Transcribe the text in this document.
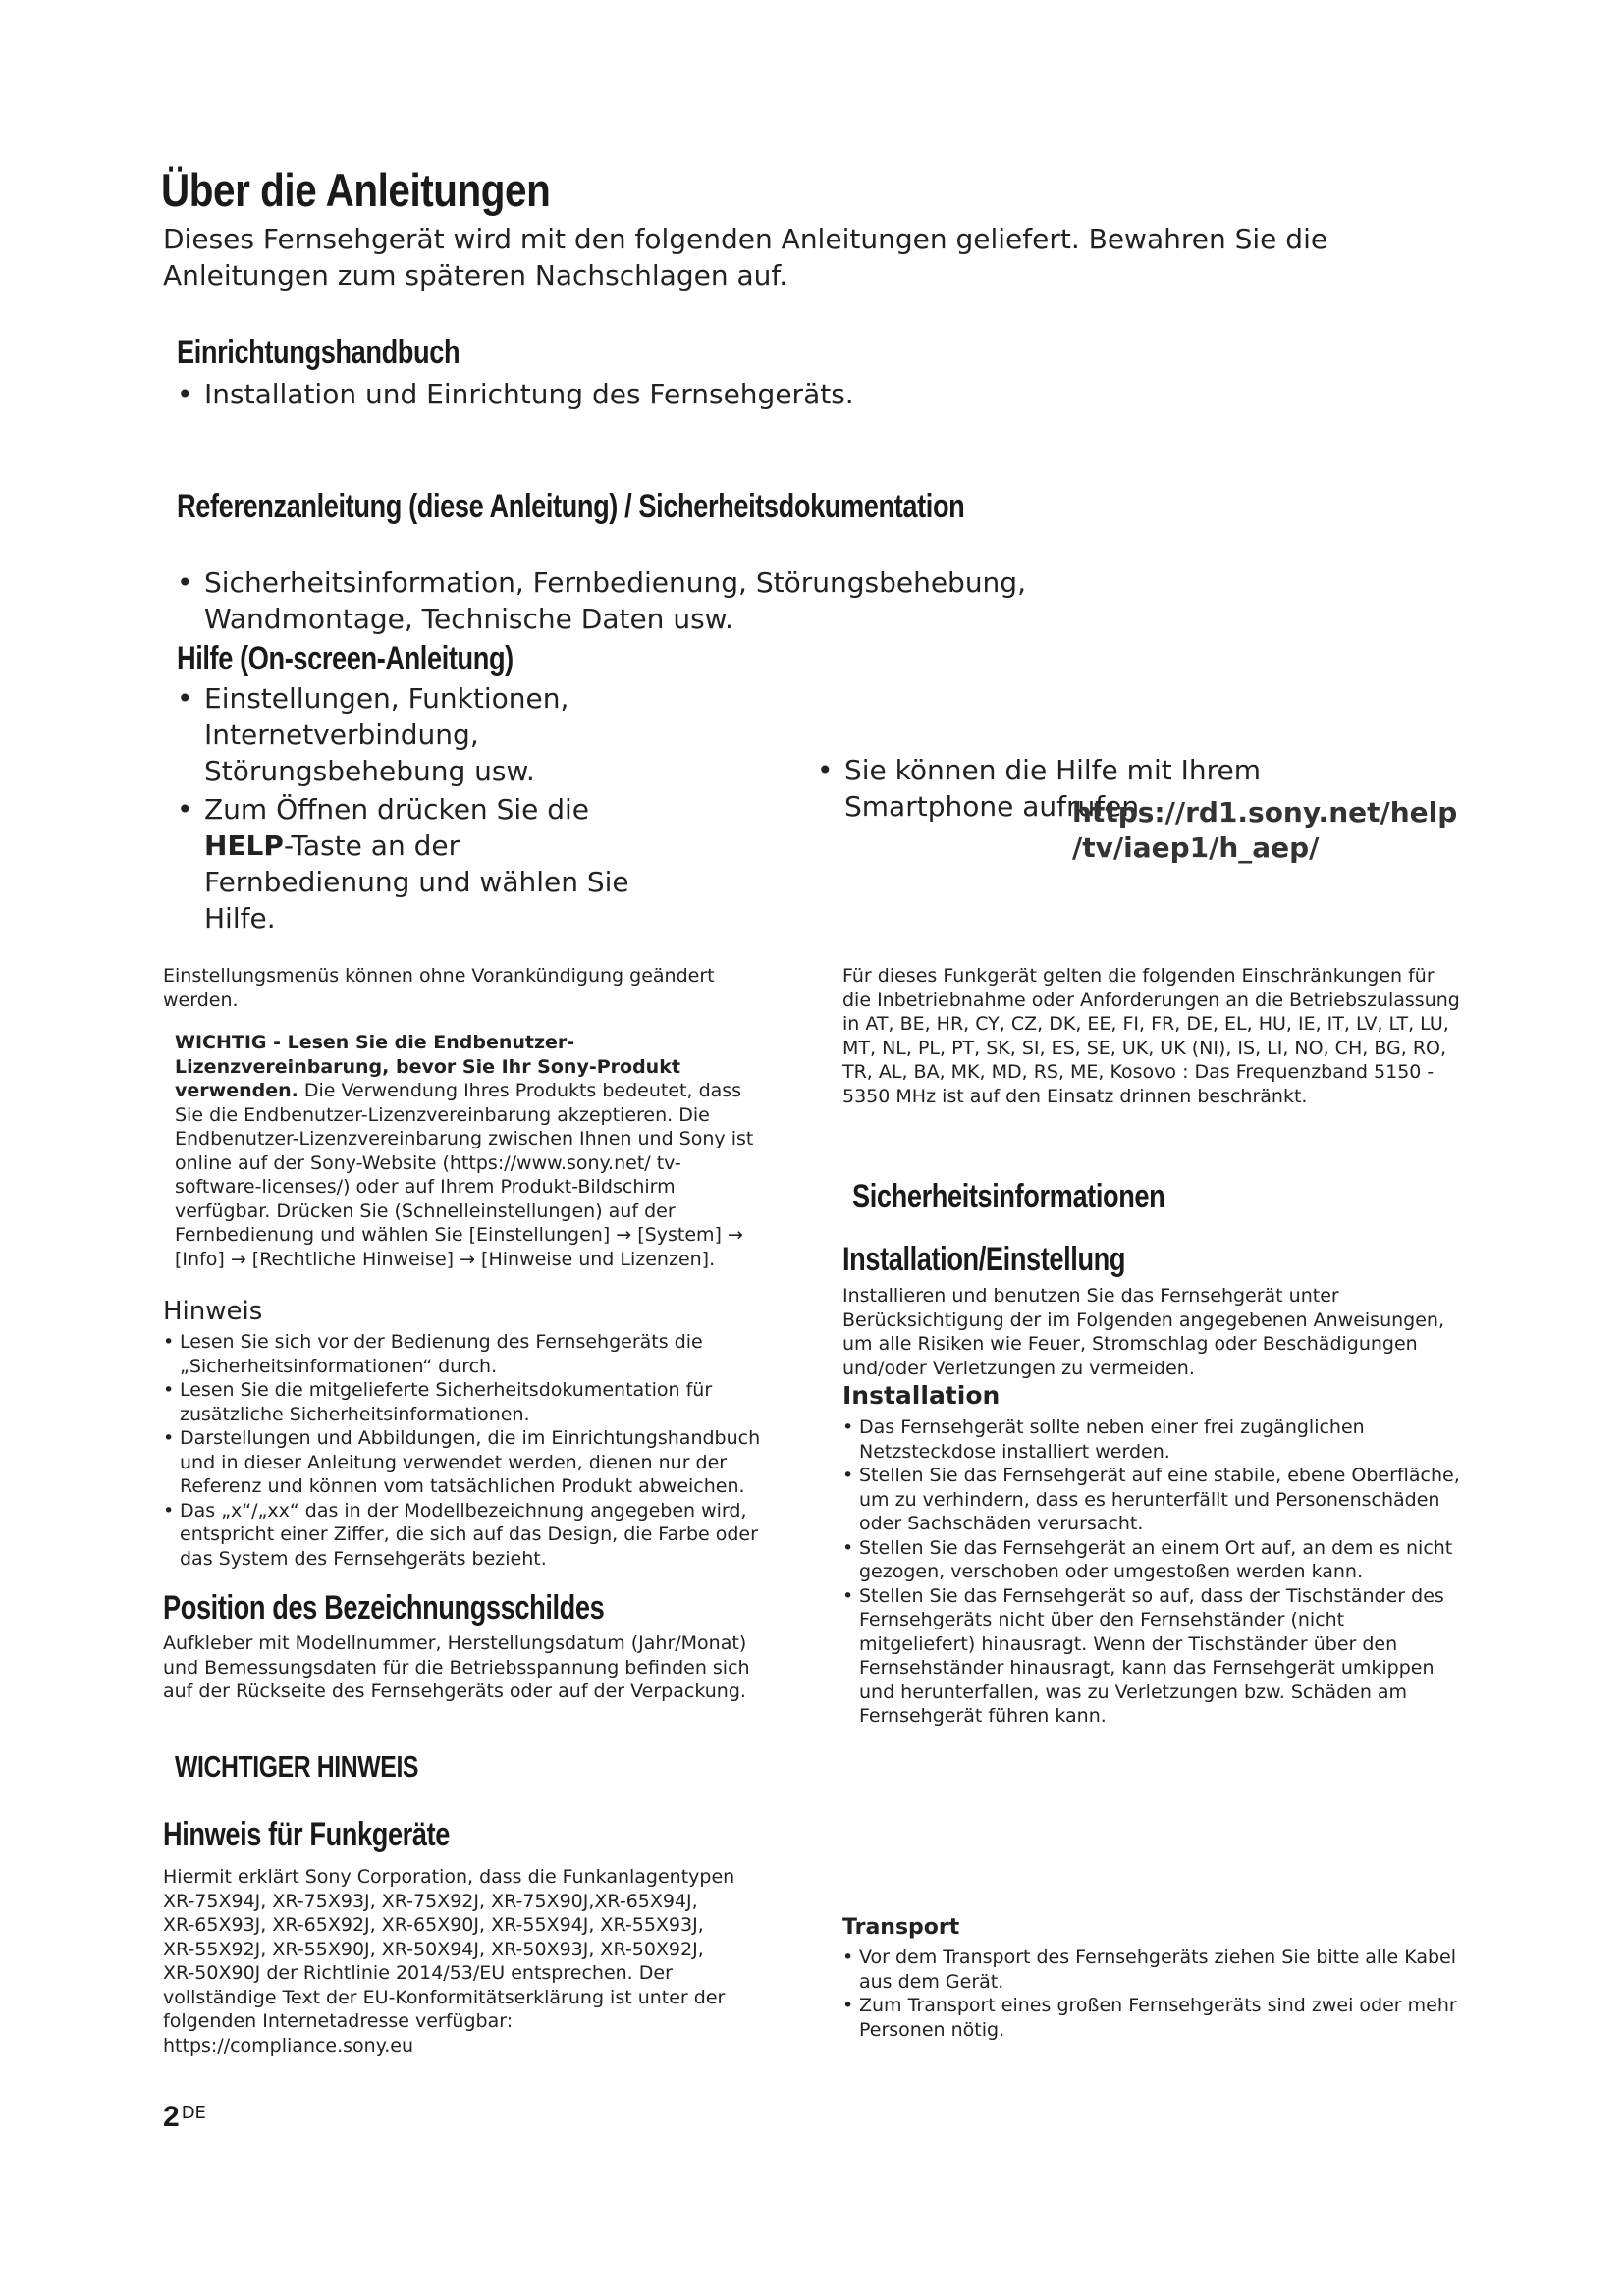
Über die Anleitungen
Dieses Fernsehgerät wird mit den folgenden Anleitungen geliefert. Bewahren Sie die Anleitungen zum späteren Nachschlagen auf.
Einrichtungshandbuch
• Installation und Einrichtung des Fernsehgeräts.
Referenzanleitung (diese Anleitung) / Sicherheitsdokumentation
• Sicherheitsinformation, Fernbedienung, Störungsbehebung, Wandmontage, Technische Daten usw.
Hilfe (On-screen-Anleitung)
• Einstellungen, Funktionen, Internetverbindung, Störungsbehebung usw.
• Zum Öffnen drücken Sie die HELP-Taste an der Fernbedienung und wählen Sie Hilfe.
• Sie können die Hilfe mit Ihrem Smartphone aufrufen.
https://rd1.sony.net/help
/tv/iaep1/h_aep/
Einstellungsmenüs können ohne Vorankündigung geändert werden.
WICHTIG - Lesen Sie die Endbenutzer-Lizenzvereinbarung, bevor Sie Ihr Sony-Produkt verwenden. Die Verwendung Ihres Produkts bedeutet, dass Sie die Endbenutzer-Lizenzvereinbarung akzeptieren. Die Endbenutzer-Lizenzvereinbarung zwischen Ihnen und Sony ist online auf der Sony-Website (https://www.sony.net/ tv-software-licenses/) oder auf Ihrem Produkt-Bildschirm verfügbar. Drücken Sie (Schnelleinstellungen) auf der Fernbedienung und wählen Sie [Einstellungen] → [System] → [Info] → [Rechtliche Hinweise] → [Hinweise und Lizenzen].
Hinweis
• Lesen Sie sich vor der Bedienung des Fernsehgeräts die „Sicherheitsinformationen“ durch.
• Lesen Sie die mitgelieferte Sicherheitsdokumentation für zusätzliche Sicherheitsinformationen.
• Darstellungen und Abbildungen, die im Einrichtungshandbuch und in dieser Anleitung verwendet werden, dienen nur der Referenz und können vom tatsächlichen Produkt abweichen.
• Das „x“/„xx“ das in der Modellbezeichnung angegeben wird, entspricht einer Ziffer, die sich auf das Design, die Farbe oder das System des Fernsehgeräts bezieht.
Position des Bezeichnungsschildes
Aufkleber mit Modellnummer, Herstellungsdatum (Jahr/Monat) und Bemessungsdaten für die Betriebsspannung befinden sich auf der Rückseite des Fernsehgeräts oder auf der Verpackung.
WICHTIGER HINWEIS
Hinweis für Funkgeräte
Hiermit erklärt Sony Corporation, dass die Funkanlagentypen
XR-75X94J, XR-75X93J, XR-75X92J, XR-75X90J,XR-65X94J,
XR-65X93J, XR-65X92J, XR-65X90J, XR-55X94J, XR-55X93J,
XR-55X92J, XR-55X90J, XR-50X94J, XR-50X93J, XR-50X92J,
XR-50X90J der Richtlinie 2014/53/EU entsprechen. Der
vollständige Text der EU-Konformitätserklärung ist unter der
folgenden Internetadresse verfügbar:
https://compliance.sony.eu
Für dieses Funkgerät gelten die folgenden Einschränkungen für die Inbetriebnahme oder Anforderungen an die Betriebszulassung in AT, BE, HR, CY, CZ, DK, EE, FI, FR, DE, EL, HU, IE, IT, LV, LT, LU, MT, NL, PL, PT, SK, SI, ES, SE, UK, UK (NI), IS, LI, NO, CH, BG, RO, TR, AL, BA, MK, MD, RS, ME, Kosovo : Das Frequenzband 5150 - 5350 MHz ist auf den Einsatz drinnen beschränkt.
Sicherheitsinformationen
Installation/Einstellung
Installieren und benutzen Sie das Fernsehgerät unter Berücksichtigung der im Folgenden angegebenen Anweisungen, um alle Risiken wie Feuer, Stromschlag oder Beschädigungen und/oder Verletzungen zu vermeiden.
Installation
• Das Fernsehgerät sollte neben einer frei zugänglichen Netzsteckdose installiert werden.
• Stellen Sie das Fernsehgerät auf eine stabile, ebene Oberfläche, um zu verhindern, dass es herunterfällt und Personenschäden oder Sachschäden verursacht.
• Stellen Sie das Fernsehgerät an einem Ort auf, an dem es nicht gezogen, verschoben oder umgestoßen werden kann.
• Stellen Sie das Fernsehgerät so auf, dass der Tischständer des Fernsehgeräts nicht über den Fernsehständer (nicht mitgeliefert) hinausragt. Wenn der Tischständer über den Fernsehständer hinausragt, kann das Fernsehgerät umkippen und herunterfallen, was zu Verletzungen bzw. Schäden am Fernsehgerät führen kann.
Transport
• Vor dem Transport des Fernsehgeräts ziehen Sie bitte alle Kabel aus dem Gerät.
• Zum Transport eines großen Fernsehgeräts sind zwei oder mehr Personen nötig.
2 DE
